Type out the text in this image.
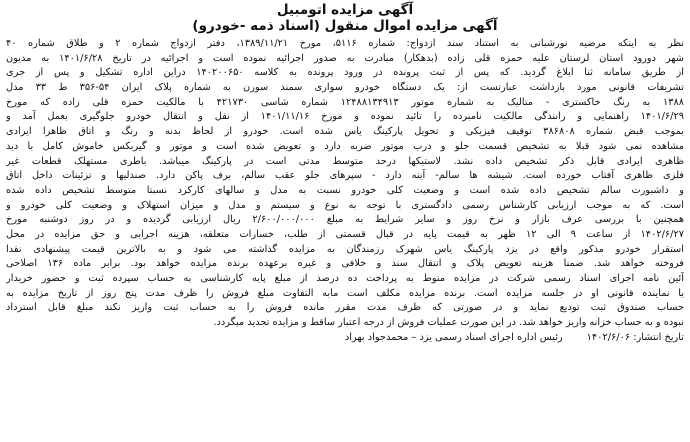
آگهی مزایده اتومبیل
آگهی مزایده اموال منقول (اسناد ذمه -خودرو)
نظر به اینکه مرضیه نورشبانی به استناد سند ازدواج: شماره ۵۱۱۶، مورخ ۱۳۸۹/۱۱/۲۱، دفتر ازدواج شماره ۲ و طلاق شماره ۴۰
شهر دورود استان لرستان علیه حمزه قلی زاده (بدهکار) مبادرت به صدور اجرائیه نموده است و اجرائیه در تاریخ ۱۴۰۱/۶/۲۸ به مدیون
از طریق سامانه ثنا ابلاغ گردید. که پس از ثبت پرونده در ورود پرونده به کلاسه ۱۴۰۲۰۰۶۵۰ دراین اداره تشکیل و پس از جری
تشریفات قانونی مورد بازداشت عبارتست از: یک دستگاه خودرو سواری سمند سورن به شماره پلاک ایران ۵۴-۳۵۶ ط ۳۳ مدل
۱۳۸۸ به رنگ خاکستری - متالیک به شماره موتور ۱۲۴۸۸۱۳۴۹۱۳ شماره شاسی ۴۲۱۷۳۰ با مالکیت حمزه قلی زاده که مورخ
۱۴۰۱/۶/۲۹ راهنمایی و رانندگی مالکیت نامبرده را تائید نموده و مورخ ۱۴۰۱/۱۱/۱۶ از نقل و انتقال خودرو جلوگیری بعمل آمد و
بموجب قبض شماره ۳۸۶۸۰۸ توقیف فیزیکی و تحویل پارکینگ یاس شده است. خودرو از لحاظ بدنه و رنگ و اتاق ظاهرا ایرادی
مشاهده نمی شود قبلا به تشخیص قسمت جلو و درب موتور ضربه دارد و تعویض شده است و موتور و گیربکس خاموش کامل با دید
ظاهری ایرادی قابل ذکر تشخیص داده نشد. لاستیکها درحد متوسط مدتی است در پارکینگ میباشد. باطری مستهلک قطعات غیر
فلزی ظاهری آفتاب خورده است. شیشه ها سالم- آینه دارد - سپرهای جلو عقب سالم، برف پاکن دارد. صندلیها و تزئینات داخل اتاق
و داشبورت سالم تشخیص داده شده است و وضعیت کلی خودرو نسبت به مدل و سالهای کارکرد نسبتا متوسط تشخیص داده شده
است. که به موجب ارزیابی کارشناس رسمی دادگستری با توجه به نوع و سیستم و مدل و میزان استهلاک و وضعیت کلی خودرو و
همچنین با بررسی عرف بازار و نرخ روز و سایر شرایط به مبلغ ۲/۶۰۰/۰۰۰/۰۰۰ ریال ارزیابی گردیده و در روز دوشنبه مورخ
۱۴۰۲/۶/۲۷ از ساعت ۹ الی ۱۲ ظهر به قیمت پایه در قبال قسمتی از طلب، خسارات متعلقه، هزینه اجرایی و حق مزایده در محل
استقرار خودرو مذکور واقع در یزد پارکینگ یاس شهرک رزمندگان به مزایده گذاشته می شود و به بالاترین قیمت پیشنهادی نقدا
فروخته خواهد شد. ضمنا هزینه تعویض پلاک و انتقال سند و خلافی و غیره برعهده برنده مزایده خواهد بود. برابر ماده ۱۳۶ اصلاحی
آئین نامه اجرای اسناد رسمی شرکت در مزایده منوط به پرداخت ده درصد از مبلغ پایه کارشناسی به حساب سپرده ثبت و حضور خریدار
یا نماینده قانونی او در جلسه مزایده است. برنده مزایده مکلف است مابه التفاوت مبلغ فروش را ظرف مدت پنج روز از تاریخ مزایده به
حساب صندوق ثبت تودیع نماید و در صورتی که ظرف مدت مقرر مانده فروش را به حساب ثبت واریز نکند مبلغ قابل استرداد
نبوده و به حساب خزانه واریز خواهد شد. در این صورت عملیات فروش از درجه اعتبار ساقط و مزایده تجدید میگردد.
تاریخ انتشار: ۱۴۰۲/۶/۰۶رئیس اداره اجرای اسناد رسمی یزد – محمدجواد بهراد
